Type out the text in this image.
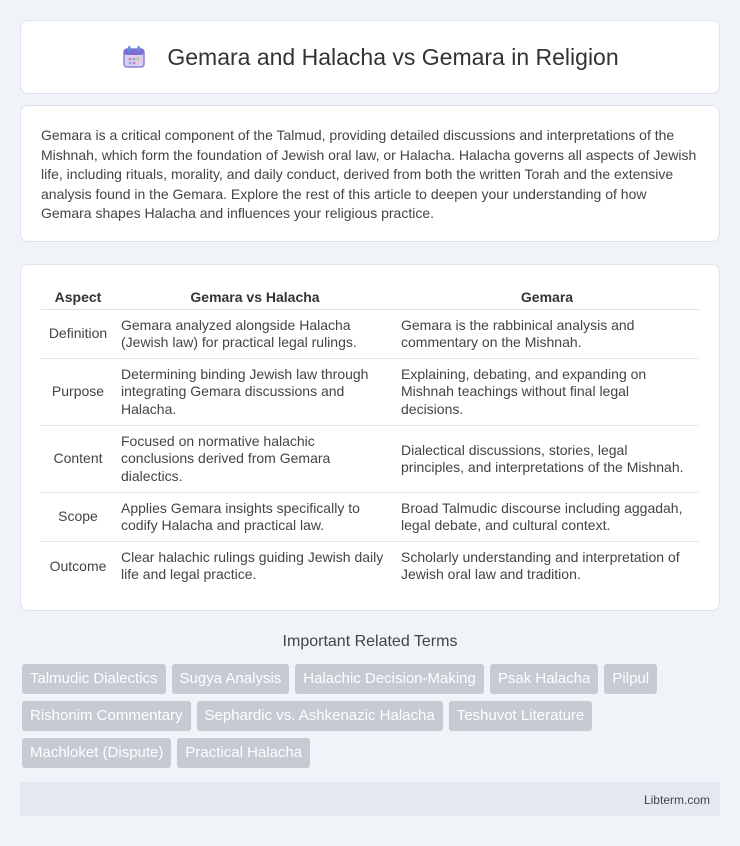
Gemara and Halacha vs Gemara in Religion

Gemara is a critical component of the Talmud, providing detailed discussions and interpretations of the Mishnah, which form the foundation of Jewish oral law, or Halacha. Halacha governs all aspects of Jewish life, including rituals, morality, and daily conduct, derived from both the written Torah and the extensive analysis found in the Gemara. Explore the rest of this article to deepen your understanding of how Gemara shapes Halacha and influences your religious practice.

Aspect	Gemara vs Halacha	Gemara
Definition	Gemara analyzed alongside Halacha (Jewish law) for practical legal rulings.	Gemara is the rabbinical analysis and commentary on the Mishnah.
Purpose	Determining binding Jewish law through integrating Gemara discussions and Halacha.	Explaining, debating, and expanding on Mishnah teachings without final legal decisions.
Content	Focused on normative halachic conclusions derived from Gemara dialectics.	Dialectical discussions, stories, legal principles, and interpretations of the Mishnah.
Scope	Applies Gemara insights specifically to codify Halacha and practical law.	Broad Talmudic discourse including aggadah, legal debate, and cultural context.
Outcome	Clear halachic rulings guiding Jewish daily life and legal practice.	Scholarly understanding and interpretation of Jewish oral law and tradition.
Important Related Terms
Talmudic Dialectics	Sugya Analysis	Halachic Decision-Making	Psak Halacha	Pilpul
Rishonim Commentary	Sephardic vs. Ashkenazic Halacha	Teshuvot Literature
Machloket (Dispute)	Practical Halacha
Libterm.com
